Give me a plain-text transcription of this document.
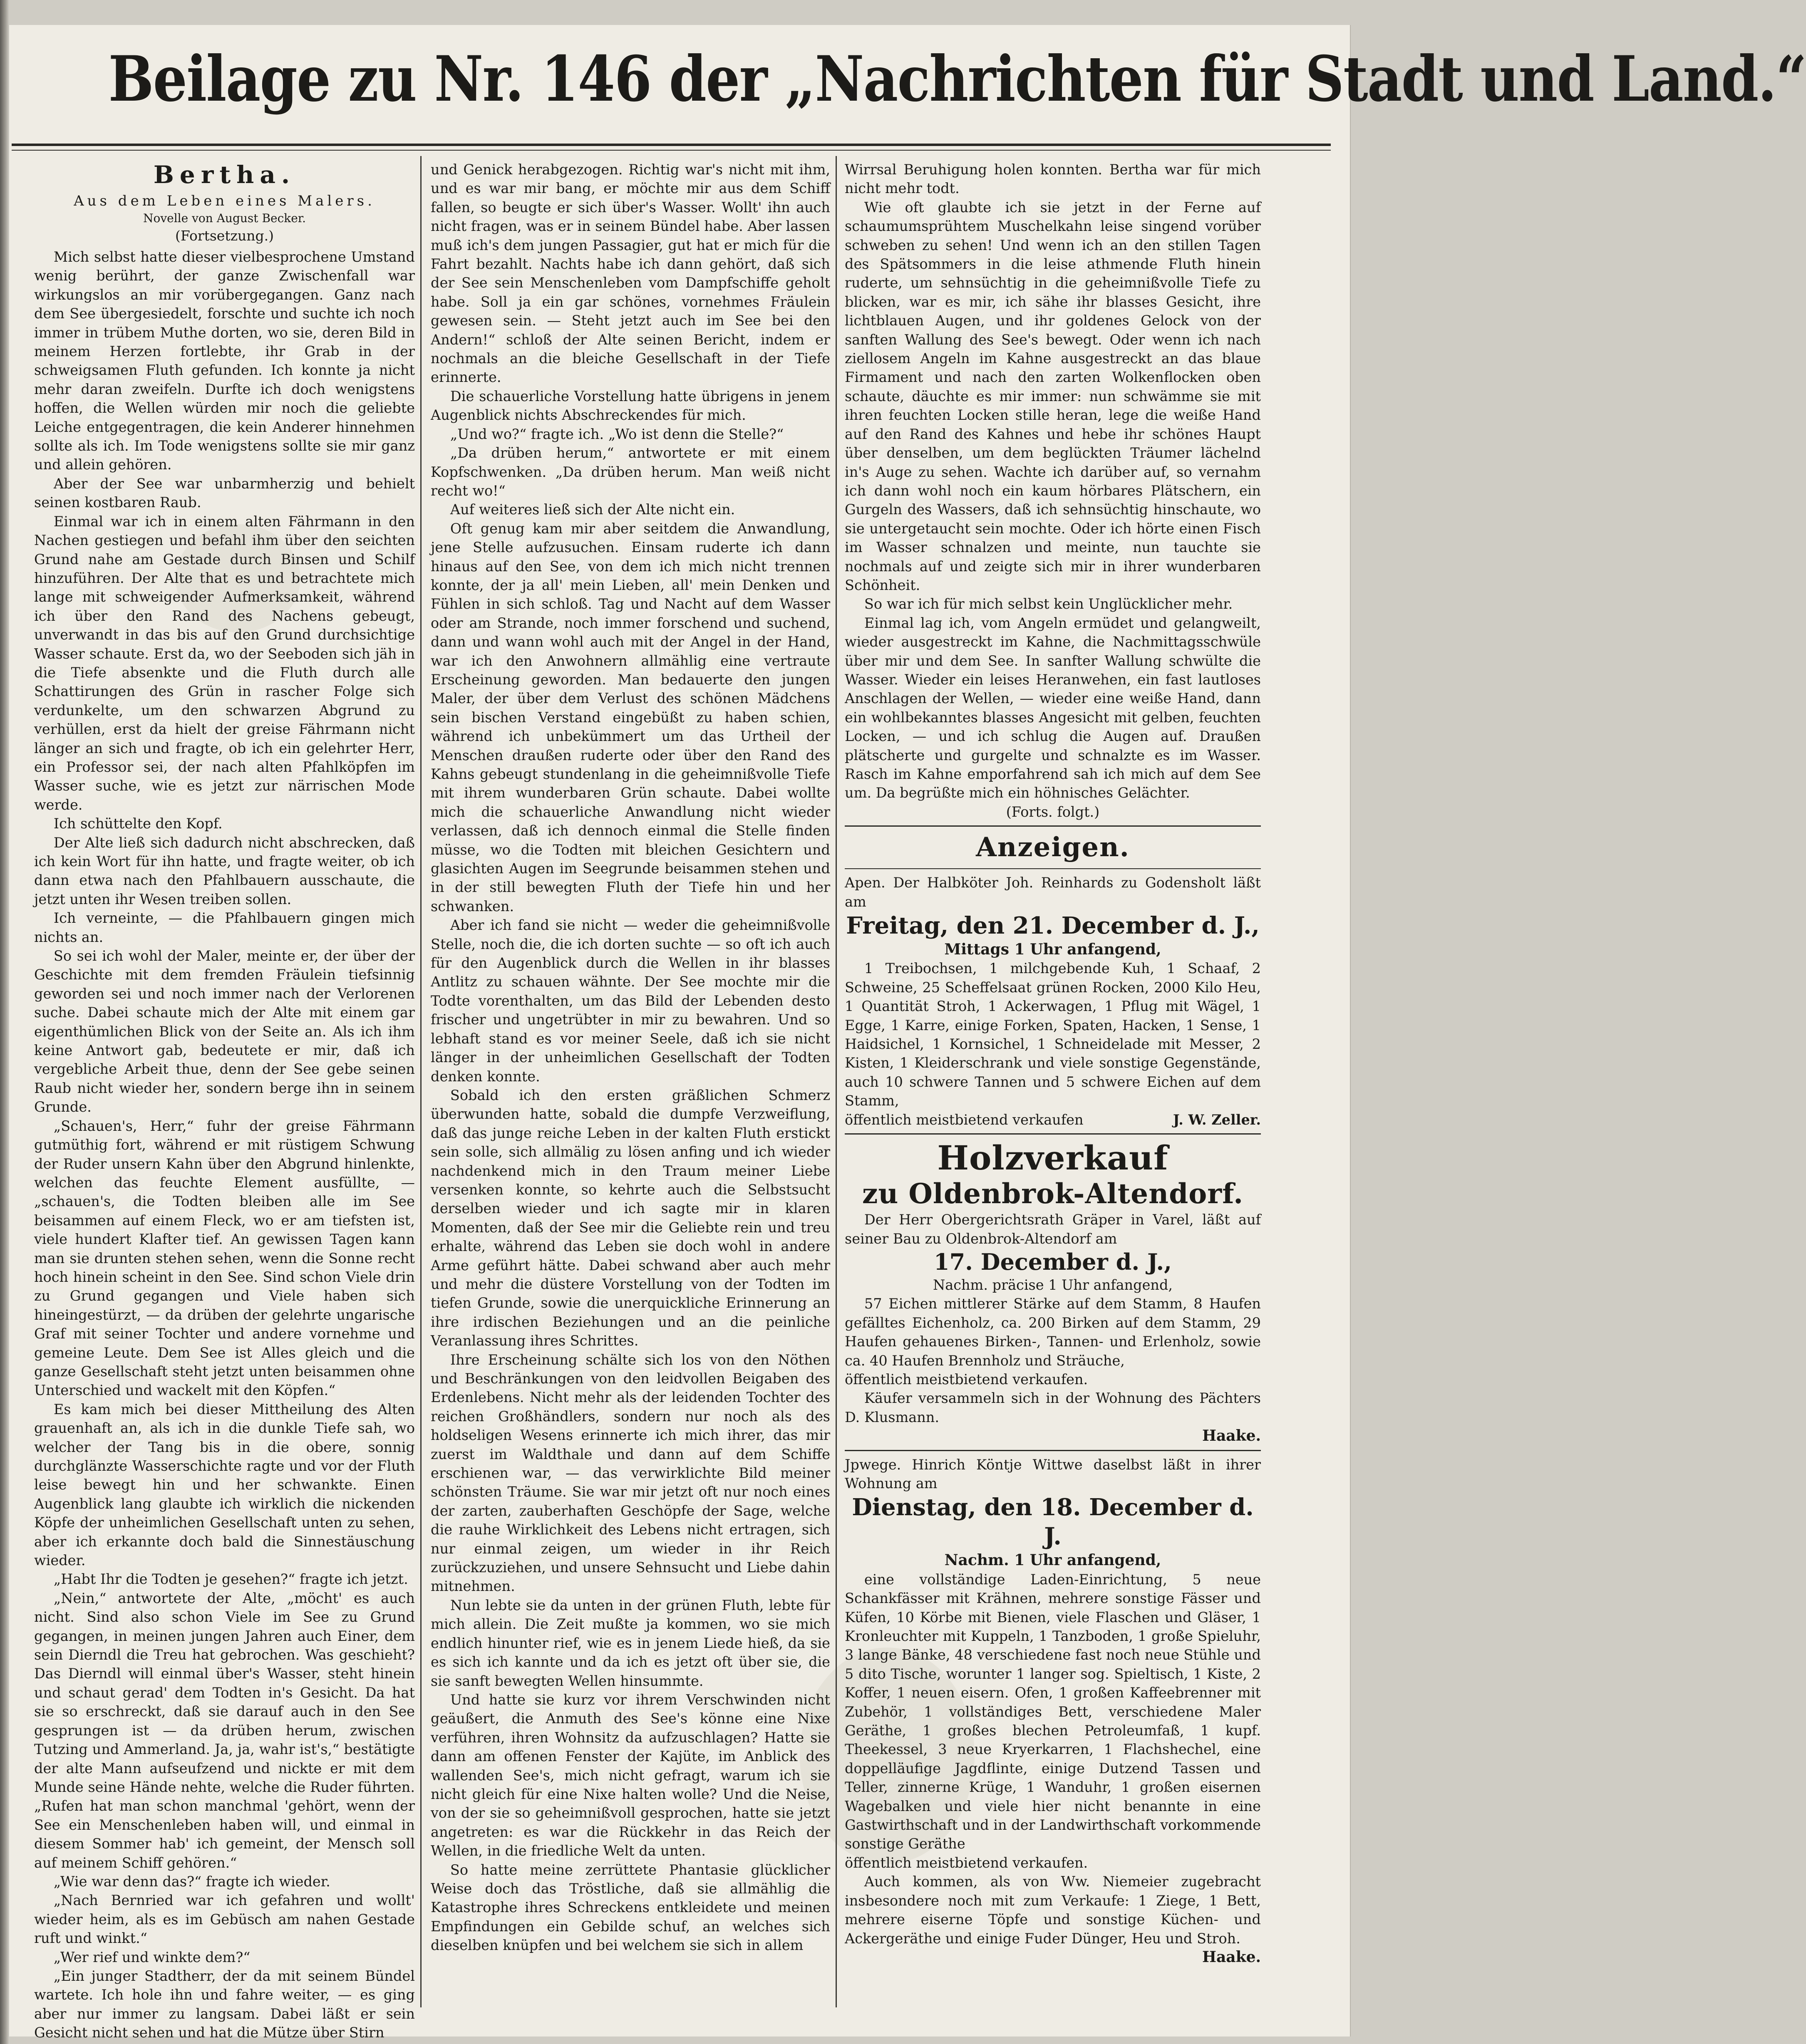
Beilage zu Nr. 146 der „Nachrichten für Stadt und Land.“
Bertha.
Aus dem Leben eines Malers.
Novelle von August Becker.
(Fortsetzung.)

Mich selbst hatte dieser vielbesprochene Umstand wenig berührt, der ganze Zwischenfall war wirkungslos an mir vorübergegangen. Ganz nach dem See übergesiedelt, forschte und suchte ich noch immer in trübem Muthe dorten, wo sie, deren Bild in meinem Herzen fortlebte, ihr Grab in der schweigsamen Fluth gefunden. Ich konnte ja nicht mehr daran zweifeln. Durfte ich doch wenigstens hoffen, die Wellen würden mir noch die geliebte Leiche entgegentragen, die kein Anderer hinnehmen sollte als ich. Im Tode wenigstens sollte sie mir ganz und allein gehören.

Aber der See war unbarmherzig und behielt seinen kostbaren Raub.

Einmal war ich in einem alten Fährmann in den Nachen gestiegen und befahl ihm über den seichten Grund nahe am Gestade durch Binsen und Schilf hinzuführen. Der Alte that es und betrachtete mich lange mit schweigender Aufmerksamkeit, während ich über den Rand des Nachens gebeugt, unverwandt in das bis auf den Grund durchsichtige Wasser schaute. Erst da, wo der Seeboden sich jäh in die Tiefe absenkte und die Fluth durch alle Schattirungen des Grün in rascher Folge sich verdunkelte, um den schwarzen Abgrund zu verhüllen, erst da hielt der greise Fährmann nicht länger an sich und fragte, ob ich ein gelehrter Herr, ein Professor sei, der nach alten Pfahlköpfen im Wasser suche, wie es jetzt zur närrischen Mode werde.

Ich schüttelte den Kopf.

Der Alte ließ sich dadurch nicht abschrecken, daß ich kein Wort für ihn hatte, und fragte weiter, ob ich dann etwa nach den Pfahlbauern ausschaute, die jetzt unten ihr Wesen treiben sollen.

Ich verneinte, — die Pfahlbauern gingen mich nichts an.

So sei ich wohl der Maler, meinte er, der über der Geschichte mit dem fremden Fräulein tiefsinnig geworden sei und noch immer nach der Verlorenen suche. Dabei schaute mich der Alte mit einem gar eigenthümlichen Blick von der Seite an. Als ich ihm keine Antwort gab, bedeutete er mir, daß ich vergebliche Arbeit thue, denn der See gebe seinen Raub nicht wieder her, sondern berge ihn in seinem Grunde.

„Schauen's, Herr,“ fuhr der greise Fährmann gutmüthig fort, während er mit rüstigem Schwung der Ruder unsern Kahn über den Abgrund hinlenkte, welchen das feuchte Element ausfüllte, — „schauen's, die Todten bleiben alle im See beisammen auf einem Fleck, wo er am tiefsten ist, viele hundert Klafter tief. An gewissen Tagen kann man sie drunten stehen sehen, wenn die Sonne recht hoch hinein scheint in den See. Sind schon Viele drin zu Grund gegangen und Viele haben sich hineingestürzt, — da drüben der gelehrte ungarische Graf mit seiner Tochter und andere vornehme und gemeine Leute. Dem See ist Alles gleich und die ganze Gesellschaft steht jetzt unten beisammen ohne Unterschied und wackelt mit den Köpfen.“

Es kam mich bei dieser Mittheilung des Alten grauenhaft an, als ich in die dunkle Tiefe sah, wo welcher der Tang bis in die obere, sonnig durchglänzte Wasserschichte ragte und vor der Fluth leise bewegt hin und her schwankte. Einen Augenblick lang glaubte ich wirklich die nickenden Köpfe der unheimlichen Gesellschaft unten zu sehen, aber ich erkannte doch bald die Sinnestäuschung wieder.

„Habt Ihr die Todten je gesehen?“ fragte ich jetzt.

„Nein,“ antwortete der Alte, „möcht' es auch nicht. Sind also schon Viele im See zu Grund gegangen, in meinen jungen Jahren auch Einer, dem sein Dierndl die Treu hat gebrochen. Was geschieht? Das Dierndl will einmal über's Wasser, steht hinein und schaut gerad' dem Todten in's Gesicht. Da hat sie so erschreckt, daß sie darauf auch in den See gesprungen ist — da drüben herum, zwischen Tutzing und Ammerland. Ja, ja, wahr ist's,“ bestätigte der alte Mann aufseufzend und nickte er mit dem Munde seine Hände nehte, welche die Ruder führten. „Rufen hat man schon manchmal 'gehört, wenn der See ein Menschenleben haben will, und einmal in diesem Sommer hab' ich gemeint, der Mensch soll auf meinem Schiff gehören.“

„Wie war denn das?“ fragte ich wieder.

„Nach Bernried war ich gefahren und wollt' wieder heim, als es im Gebüsch am nahen Gestade ruft und winkt.“

„Wer rief und winkte dem?“

„Ein junger Stadtherr, der da mit seinem Bündel wartete. Ich hole ihn und fahre weiter, — es ging aber nur immer zu langsam. Dabei läßt er sein Gesicht nicht sehen und hat die Mütze über Stirn

und Genick herabgezogen. Richtig war's nicht mit ihm, und es war mir bang, er möchte mir aus dem Schiff fallen, so beugte er sich über's Wasser. Wollt' ihn auch nicht fragen, was er in seinem Bündel habe. Aber lassen muß ich's dem jungen Passagier, gut hat er mich für die Fahrt bezahlt. Nachts habe ich dann gehört, daß sich der See sein Menschenleben vom Dampfschiffe geholt habe. Soll ja ein gar schönes, vornehmes Fräulein gewesen sein. — Steht jetzt auch im See bei den Andern!“ schloß der Alte seinen Bericht, indem er nochmals an die bleiche Gesellschaft in der Tiefe erinnerte.

Die schauerliche Vorstellung hatte übrigens in jenem Augenblick nichts Abschreckendes für mich.

„Und wo?“ fragte ich. „Wo ist denn die Stelle?“

„Da drüben herum,“ antwortete er mit einem Kopfschwenken. „Da drüben herum. Man weiß nicht recht wo!“

Auf weiteres ließ sich der Alte nicht ein.

Oft genug kam mir aber seitdem die Anwandlung, jene Stelle aufzusuchen. Einsam ruderte ich dann hinaus auf den See, von dem ich mich nicht trennen konnte, der ja all' mein Lieben, all' mein Denken und Fühlen in sich schloß. Tag und Nacht auf dem Wasser oder am Strande, noch immer forschend und suchend, dann und wann wohl auch mit der Angel in der Hand, war ich den Anwohnern allmählig eine vertraute Erscheinung geworden. Man bedauerte den jungen Maler, der über dem Verlust des schönen Mädchens sein bischen Verstand eingebüßt zu haben schien, während ich unbekümmert um das Urtheil der Menschen draußen ruderte oder über den Rand des Kahns gebeugt stundenlang in die geheimnißvolle Tiefe mit ihrem wunderbaren Grün schaute. Dabei wollte mich die schauerliche Anwandlung nicht wieder verlassen, daß ich dennoch einmal die Stelle finden müsse, wo die Todten mit bleichen Gesichtern und glasichten Augen im Seegrunde beisammen stehen und in der still bewegten Fluth der Tiefe hin und her schwanken.

Aber ich fand sie nicht — weder die geheimnißvolle Stelle, noch die, die ich dorten suchte — so oft ich auch für den Augenblick durch die Wellen in ihr blasses Antlitz zu schauen wähnte. Der See mochte mir die Todte vorenthalten, um das Bild der Lebenden desto frischer und ungetrübter in mir zu bewahren. Und so lebhaft stand es vor meiner Seele, daß ich sie nicht länger in der unheimlichen Gesellschaft der Todten denken konnte.

Sobald ich den ersten gräßlichen Schmerz überwunden hatte, sobald die dumpfe Verzweiflung, daß das junge reiche Leben in der kalten Fluth erstickt sein solle, sich allmälig zu lösen anfing und ich wieder nachdenkend mich in den Traum meiner Liebe versenken konnte, so kehrte auch die Selbstsucht derselben wieder und ich sagte mir in klaren Momenten, daß der See mir die Geliebte rein und treu erhalte, während das Leben sie doch wohl in andere Arme geführt hätte. Dabei schwand aber auch mehr und mehr die düstere Vorstellung von der Todten im tiefen Grunde, sowie die unerquickliche Erinnerung an ihre irdischen Beziehungen und an die peinliche Veranlassung ihres Schrittes.

Ihre Erscheinung schälte sich los von den Nöthen und Beschränkungen von den leidvollen Beigaben des Erdenlebens. Nicht mehr als der leidenden Tochter des reichen Großhändlers, sondern nur noch als des holdseligen Wesens erinnerte ich mich ihrer, das mir zuerst im Waldthale und dann auf dem Schiffe erschienen war, — das verwirklichte Bild meiner schönsten Träume. Sie war mir jetzt oft nur noch eines der zarten, zauberhaften Geschöpfe der Sage, welche die rauhe Wirklichkeit des Lebens nicht ertragen, sich nur einmal zeigen, um wieder in ihr Reich zurückzuziehen, und unsere Sehnsucht und Liebe dahin mitnehmen.

Nun lebte sie da unten in der grünen Fluth, lebte für mich allein. Die Zeit mußte ja kommen, wo sie mich endlich hinunter rief, wie es in jenem Liede hieß, da sie es sich ich kannte und da ich es jetzt oft über sie, die sie sanft bewegten Wellen hinsummte.

Und hatte sie kurz vor ihrem Verschwinden nicht geäußert, die Anmuth des See's könne eine Nixe verführen, ihren Wohnsitz da aufzuschlagen? Hatte sie dann am offenen Fenster der Kajüte, im Anblick des wallenden See's, mich nicht gefragt, warum ich sie nicht gleich für eine Nixe halten wolle? Und die Neise, von der sie so geheimnißvoll gesprochen, hatte sie jetzt angetreten: es war die Rückkehr in das Reich der Wellen, in die friedliche Welt da unten.

So hatte meine zerrüttete Phantasie glücklicher Weise doch das Tröstliche, daß sie allmählig die Katastrophe ihres Schreckens entkleidete und meinen Empfindungen ein Gebilde schuf, an welches sich dieselben knüpfen und bei welchem sie sich in allem

Wirrsal Beruhigung holen konnten. Bertha war für mich nicht mehr todt.

Wie oft glaubte ich sie jetzt in der Ferne auf schaumumsprühtem Muschelkahn leise singend vorüber schweben zu sehen! Und wenn ich an den stillen Tagen des Spätsommers in die leise athmende Fluth hinein ruderte, um sehnsüchtig in die geheimnißvolle Tiefe zu blicken, war es mir, ich sähe ihr blasses Gesicht, ihre lichtblauen Augen, und ihr goldenes Gelock von der sanften Wallung des See's bewegt. Oder wenn ich nach ziellosem Angeln im Kahne ausgestreckt an das blaue Firmament und nach den zarten Wolkenflocken oben schaute, däuchte es mir immer: nun schwämme sie mit ihren feuchten Locken stille heran, lege die weiße Hand auf den Rand des Kahnes und hebe ihr schönes Haupt über denselben, um dem beglückten Träumer lächelnd in's Auge zu sehen. Wachte ich darüber auf, so vernahm ich dann wohl noch ein kaum hörbares Plätschern, ein Gurgeln des Wassers, daß ich sehnsüchtig hinschaute, wo sie untergetaucht sein mochte. Oder ich hörte einen Fisch im Wasser schnalzen und meinte, nun tauchte sie nochmals auf und zeigte sich mir in ihrer wunderbaren Schönheit.

So war ich für mich selbst kein Unglücklicher mehr.

Einmal lag ich, vom Angeln ermüdet und gelangweilt, wieder ausgestreckt im Kahne, die Nachmittagsschwüle über mir und dem See. In sanfter Wallung schwülte die Wasser. Wieder ein leises Heranwehen, ein fast lautloses Anschlagen der Wellen, — wieder eine weiße Hand, dann ein wohlbekanntes blasses Angesicht mit gelben, feuchten Locken, — und ich schlug die Augen auf. Draußen plätscherte und gurgelte und schnalzte es im Wasser. Rasch im Kahne emporfahrend sah ich mich auf dem See um. Da begrüßte mich ein höhnisches Gelächter.

(Forts. folgt.)
Anzeigen.

Apen. Der Halbköter Joh. Reinhards zu Godensholt läßt am

Freitag, den 21. December d. J.,

Mittags 1 Uhr anfangend,

1 Treibochsen, 1 milchgebende Kuh, 1 Schaaf, 2 Schweine, 25 Scheffelsaat grünen Rocken, 2000 Kilo Heu, 1 Quantität Stroh, 1 Ackerwagen, 1 Pflug mit Wägel, 1 Egge, 1 Karre, einige Forken, Spaten, Hacken, 1 Sense, 1 Haidsichel, 1 Kornsichel, 1 Schneidelade mit Messer, 2 Kisten, 1 Kleiderschrank und viele sonstige Gegenstände, auch 10 schwere Tannen und 5 schwere Eichen auf dem Stamm,

öffentlich meistbietend verkaufen	J. W. Zeller.

Holzverkauf

zu Oldenbrok-Altendorf.

Der Herr Obergerichtsrath Gräper in Varel, läßt auf seiner Bau zu Oldenbrok-Altendorf am

17. December d. J.,

Nachm. präcise 1 Uhr anfangend,

57 Eichen mittlerer Stärke auf dem Stamm, 8 Haufen gefälltes Eichenholz, ca. 200 Birken auf dem Stamm, 29 Haufen gehauenes Birken-, Tannen- und Erlenholz, sowie ca. 40 Haufen Brennholz und Sträuche,

öffentlich meistbietend verkaufen.

Käufer versammeln sich in der Wohnung des Pächters D. Klusmann.

Haake.

Jpwege. Hinrich Köntje Wittwe daselbst läßt in ihrer Wohnung am

Dienstag, den 18. December d. J.

Nachm. 1 Uhr anfangend,

eine vollständige Laden-Einrichtung, 5 neue Schankfässer mit Krähnen, mehrere sonstige Fässer und Küfen, 10 Körbe mit Bienen, viele Flaschen und Gläser, 1 Kronleuchter mit Kuppeln, 1 Tanzboden, 1 große Spieluhr, 3 lange Bänke, 48 verschiedene fast noch neue Stühle und 5 dito Tische, worunter 1 langer sog. Spieltisch, 1 Kiste, 2 Koffer, 1 neuen eisern. Ofen, 1 großen Kaffeebrenner mit Zubehör, 1 vollständiges Bett, verschiedene Maler Geräthe, 1 großes blechen Petroleumfaß, 1 kupf. Theekessel, 3 neue Kryerkarren, 1 Flachshechel, eine doppelläufige Jagdflinte, einige Dutzend Tassen und Teller, zinnerne Krüge, 1 Wanduhr, 1 großen eisernen Wagebalken und viele hier nicht benannte in eine Gastwirthschaft und in der Landwirthschaft vorkommende sonstige Geräthe

öffentlich meistbietend verkaufen.

Auch kommen, als von Ww. Niemeier zugebracht insbesondere noch mit zum Verkaufe: 1 Ziege, 1 Bett, mehrere eiserne Töpfe und sonstige Küchen- und Ackergeräthe und einige Fuder Dünger, Heu und Stroh.

Haake.
